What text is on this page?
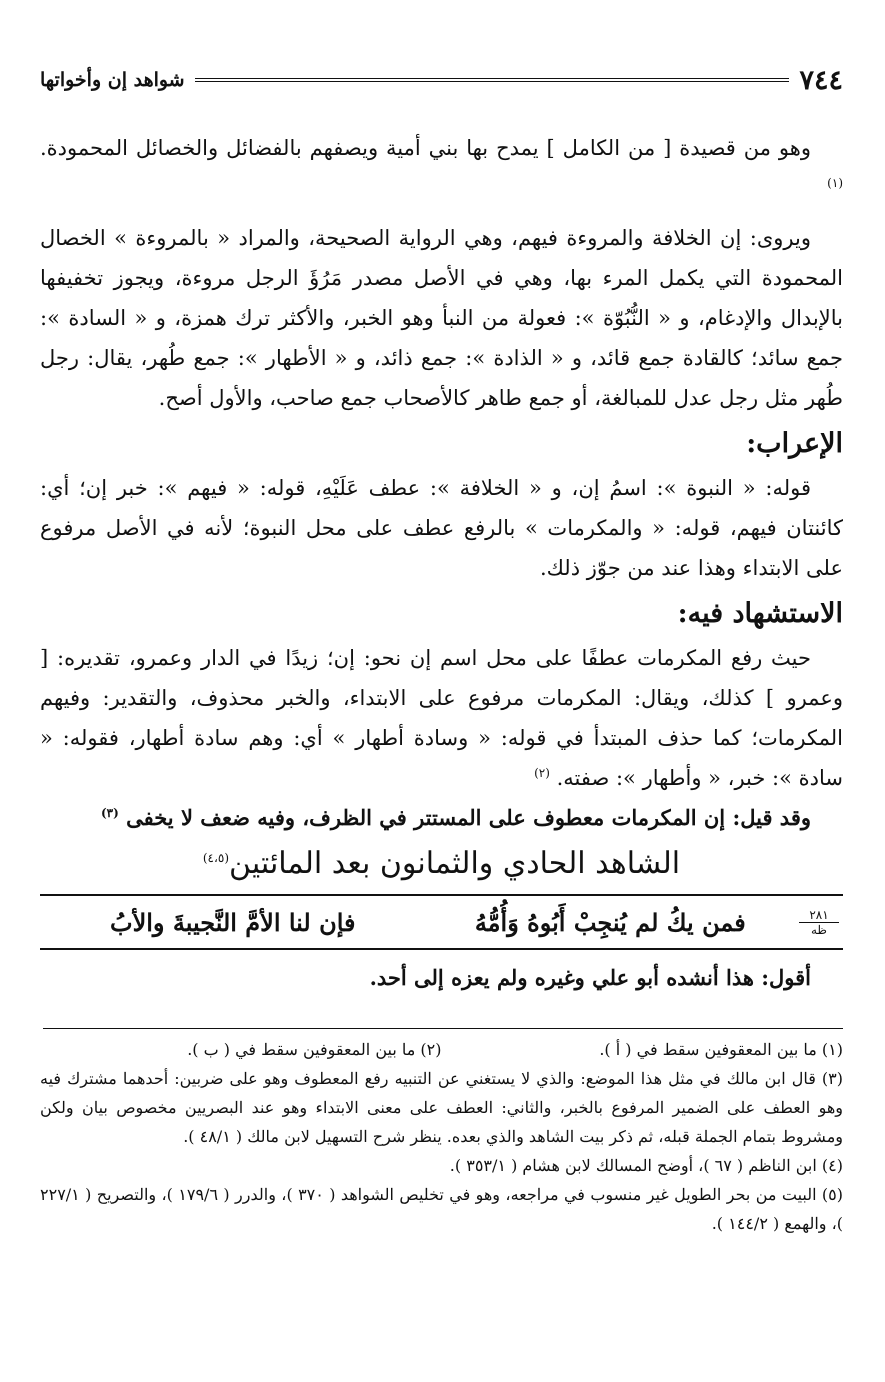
٧٤٤
شواهد إن وأخواتها

وهو من قصيدة [ من الكامل ] يمدح بها بني أمية ويصفهم بالفضائل والخصائل المحمودة. $^{(١)}$

ويروى: إن الخلافة والمروءة فيهم، وهي الرواية الصحيحة، والمراد « بالمروءة » الخصال المحمودة التي يكمل المرء بها، وهي في الأصل مصدر مَرُؤَ الرجل مروءة، ويجوز تخفيفها بالإبدال والإدغام، و « النُّبُوّة »: فعولة من النبأ وهو الخبر، والأكثر ترك همزة، و « السادة »: جمع سائد؛ كالقادة جمع قائد، و « الذادة »: جمع ذائد، و « الأطهار »: جمع طُهر، يقال: رجل طُهر مثل رجل عدل للمبالغة، أو جمع طاهر كالأصحاب جمع صاحب، والأول أصح.

الإعراب:

قوله: « النبوة »: اسمُ إن، و « الخلافة »: عطف عَلَيْهِ، قوله: « فيهم »: خبر إن؛ أي: كائنتان فيهم، قوله: « والمكرمات » بالرفع عطف على محل النبوة؛ لأنه في الأصل مرفوع على الابتداء وهذا عند من جوّز ذلك.

الاستشهاد فيه:

حيث رفع المكرمات عطفًا على محل اسم إن نحو: إن؛ زيدًا في الدار وعمرو، تقديره: [ وعمرو ] كذلك، ويقال: المكرمات مرفوع على الابتداء، والخبر محذوف، والتقدير: وفيهم المكرمات؛ كما حذف المبتدأ في قوله: « وسادة أطهار » أي: وهم سادة أطهار، فقوله: « سادة »: خبر، « وأطهار »: صفته. $^{(٢)}$

وقد قيل: إن المكرمات معطوف على المستتر في الظرف، وفيه ضعف لا يخفى $^{(٣)}$

الشاهد الحادي والثمانون بعد المائتين$^{(٤،٥)}$
٢٨١
ظه
فمن يكُ لم يُنجِبْ أَبُوهُ وَأُمُّهُ
فإن لنا الأمَّ النَّجيبةَ والأبُ

أقول: هذا أنشده أبو علي وغيره ولم يعزه إلى أحد.

(١) ما بين المعقوفين سقط في ( أ ).
(٢) ما بين المعقوفين سقط في ( ب ).

(٣) قال ابن مالك في مثل هذا الموضع: والذي لا يستغني عن التنبيه رفع المعطوف وهو على ضربين: أحدهما مشترك فيه وهو العطف على الضمير المرفوع بالخبر، والثاني: العطف على معنى الابتداء وهو عند البصريين مخصوص بيان ولكن ومشروط بتمام الجملة قبله، ثم ذكر بيت الشاهد والذي بعده. ينظر شرح التسهيل لابن مالك ( ٤٨/١ ).

(٤) ابن الناظم ( ٦٧ )، أوضح المسالك لابن هشام ( ٣٥٣/١ ).

(٥) البيت من بحر الطويل غير منسوب في مراجعه، وهو في تخليص الشواهد ( ٣٧٠ )، والدرر ( ١٧٩/٦ )، والتصريح ( ٢٢٧/١ )، والهمع ( ١٤٤/٢ ).
